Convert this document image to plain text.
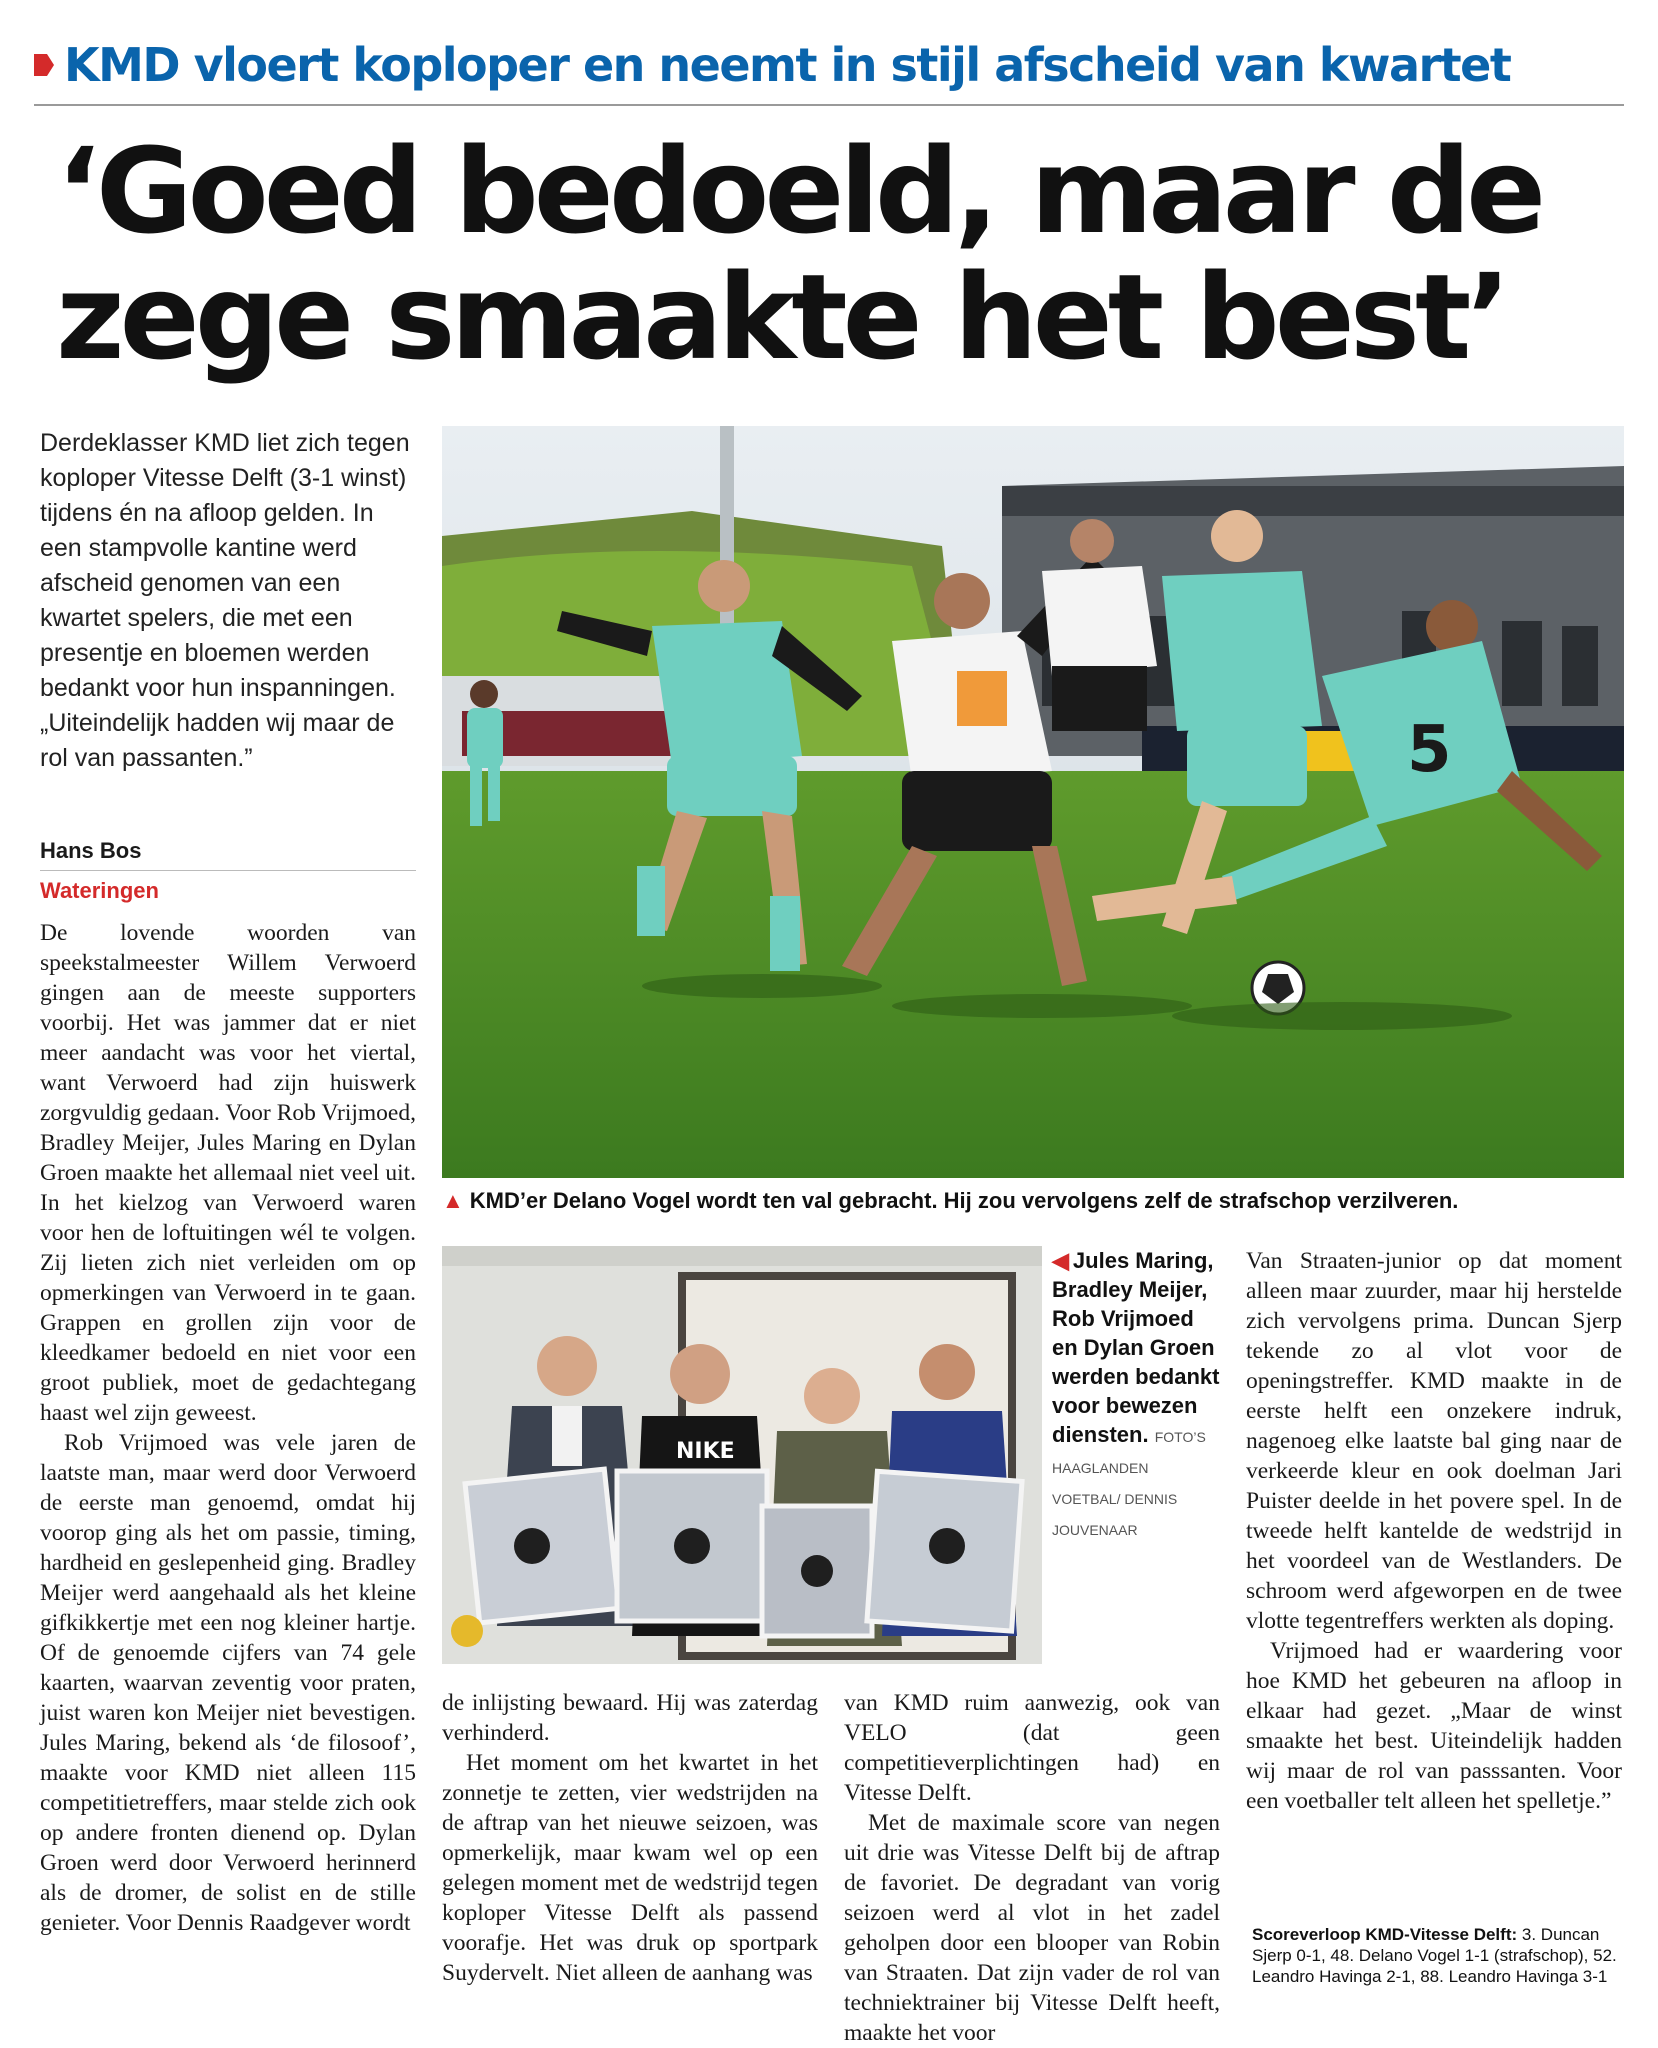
KMD vloert koploper en neemt in stijl afscheid van kwartet
‘Goed bedoeld, maar de
zege smaakte het best’

Derdeklasser KMD liet zich tegen koploper Vitesse Delft (3-1 winst) tijdens én na afloop gelden. In een stampvolle kantine werd afscheid genomen van een kwartet spelers, die met een presentje en bloemen werden bedankt voor hun inspanningen. „Uiteindelijk hadden wij maar de rol van passanten.”

Hans Bos
Wateringen
5
▲ KMD’er Delano Vogel wordt ten val gebracht. Hij zou vervolgens zelf de strafschop verzilveren.
NIKE
◀ Jules Maring, Bradley Meijer, Rob Vrijmoed en Dylan Groen werden bedankt voor bewezen diensten. FOTO’S HAAGLANDEN VOETBAL/ DENNIS JOUVENAAR

De lovende woorden van speekstalmeester Willem Verwoerd gingen aan de meeste supporters voorbij. Het was jammer dat er niet meer aandacht was voor het viertal, want Verwoerd had zijn huiswerk zorgvuldig gedaan. Voor Rob Vrijmoed, Bradley Meijer, Jules Maring en Dylan Groen maakte het allemaal niet veel uit. In het kielzog van Verwoerd waren voor hen de loftuitingen wél te volgen. Zij lieten zich niet verleiden om op opmerkingen van Verwoerd in te gaan. Grappen en grollen zijn voor de kleedkamer bedoeld en niet voor een groot publiek, moet de gedachtegang haast wel zijn geweest.

Rob Vrijmoed was vele jaren de laatste man, maar werd door Verwoerd de eerste man genoemd, omdat hij voorop ging als het om passie, timing, hardheid en geslepenheid ging. Bradley Meijer werd aangehaald als het kleine gifkikkertje met een nog kleiner hartje. Of de genoemde cijfers van 74 gele kaarten, waarvan zeventig voor praten, juist waren kon Meijer niet bevestigen. Jules Maring, bekend als ‘de filosoof’, maakte voor KMD niet alleen 115 competitietreffers, maar stelde zich ook op andere fronten dienend op. Dylan Groen werd door Verwoerd herinnerd als de dromer, de solist en de stille genieter. Voor Dennis Raadgever wordt

de inlijsting bewaard. Hij was zaterdag verhinderd.

Het moment om het kwartet in het zonnetje te zetten, vier wedstrijden na de aftrap van het nieuwe seizoen, was opmerkelijk, maar kwam wel op een gelegen moment met de wedstrijd tegen koploper Vitesse Delft als passend voorafje. Het was druk op sportpark Suydervelt. Niet alleen de aanhang was

van KMD ruim aanwezig, ook van VELO (dat geen competitieverplichtingen had) en Vitesse Delft.

Met de maximale score van negen uit drie was Vitesse Delft bij de aftrap de favoriet. De degradant van vorig seizoen werd al vlot in het zadel geholpen door een blooper van Robin van Straaten. Dat zijn vader de rol van techniektrainer bij Vitesse Delft heeft, maakte het voor

Van Straaten-junior op dat moment alleen maar zuurder, maar hij herstelde zich vervolgens prima. Duncan Sjerp tekende zo al vlot voor de openingstreffer. KMD maakte in de eerste helft een onzekere indruk, nagenoeg elke laatste bal ging naar de verkeerde kleur en ook doelman Jari Puister deelde in het povere spel. In de tweede helft kantelde de wedstrijd in het voordeel van de Westlanders. De schroom werd afgeworpen en de twee vlotte tegentreffers werkten als doping.

Vrijmoed had er waardering voor hoe KMD het gebeuren na afloop in elkaar had gezet. „Maar de winst smaakte het best. Uiteindelijk hadden wij maar de rol van passsanten. Voor een voetballer telt alleen het spelletje.”

Scoreverloop KMD-Vitesse Delft: 3. Duncan Sjerp 0-1, 48. Delano Vogel 1-1 (strafschop), 52. Leandro Havinga 2-1, 88. Leandro Havinga 3-1
